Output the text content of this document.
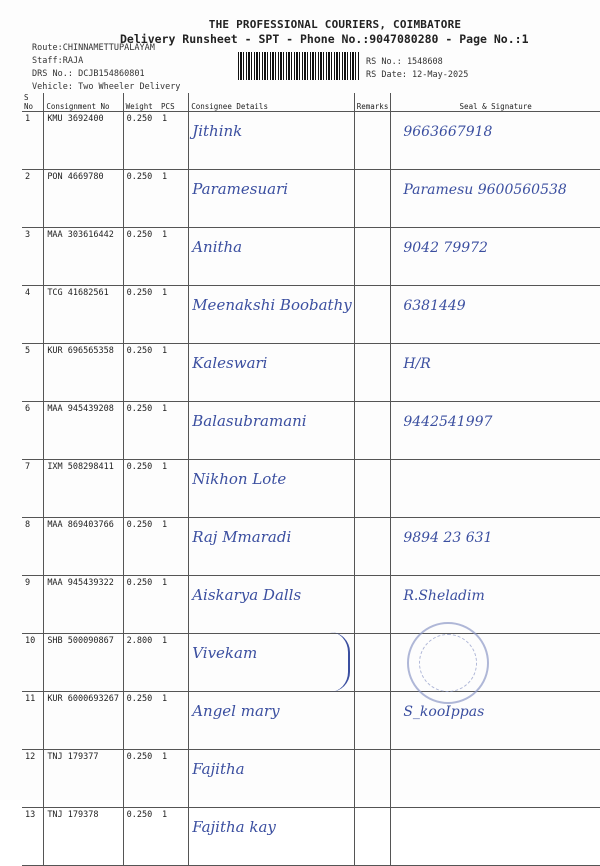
THE PROFESSIONAL COURIERS, COIMBATORE
Delivery Runsheet - SPT - Phone No.:9047080280 - Page No.:1
Route:CHINNAMETTUPALAYAM
Staff:RAJA
DRS No.: DCJB154860801
Vehicle: Two Wheeler Delivery
RS No.: 1548608
RS Date: 12-May-2025
S No	Consignment No	Weight	PCS	Consignee Details	Remarks	Seal & Signature
1	KMU 3692400	0.250	1	Jithink		9663667918
2	PON 4669780	0.250	1	Paramesuari		Paramesu 9600560538
3	MAA 303616442	0.250	1	Anitha		9042 79972
4	TCG 41682561	0.250	1	Meenakshi Boobathy		6381449
5	KUR 696565358	0.250	1	Kaleswari		H/R
6	MAA 945439208	0.250	1	Balasubramani		9442541997
7	IXM 508298411	0.250	1	Nikhon Lote		
8	MAA 869403766	0.250	1	Raj Mmaradi		9894 23 631
9	MAA 945439322	0.250	1	Aiskarya Dalls		R.Sheladim
10	SHB 500090867	2.800	1	Vivekam		
11	KUR 6000693267	0.250	1	Angel mary		S_kooIppas
12	TNJ 179377	0.250	1	Fajitha		
13	TNJ 179378	0.250	1	Fajitha kay		
